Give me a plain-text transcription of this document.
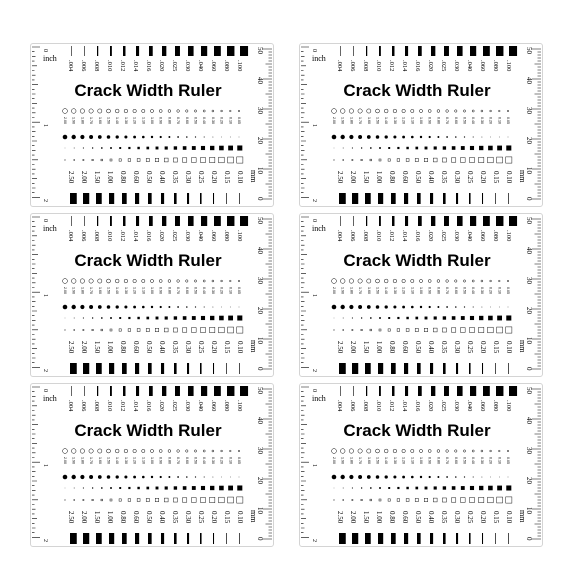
0
1
2
inch
50
40
30
20
10
0
mm
.004 .006 .008 .010 .012 .014 .016 .020 .025 .030 .040 .060 .080 .100
Crack Width Ruler
2.00 1.90 1.80 1.70 1.60 1.50 1.40 1.30 1.20 1.10 1.00 0.90 0.80 0.70 0.60 0.50 0.40 0.30 0.20 0.10 0.05
2.50 2.00 1.50 1.00 0.80 0.60 0.50 0.40 0.35 0.30 0.25 0.20 0.15 0.10
0
1
2
inch
50
40
30
20
10
0
mm
.004 .006 .008 .010 .012 .014 .016 .020 .025 .030 .040 .060 .080 .100
Crack Width Ruler
2.00 1.90 1.80 1.70 1.60 1.50 1.40 1.30 1.20 1.10 1.00 0.90 0.80 0.70 0.60 0.50 0.40 0.30 0.20 0.10 0.05
2.50 2.00 1.50 1.00 0.80 0.60 0.50 0.40 0.35 0.30 0.25 0.20 0.15 0.10
0
1
2
inch
50
40
30
20
10
0
mm
.004 .006 .008 .010 .012 .014 .016 .020 .025 .030 .040 .060 .080 .100
Crack Width Ruler
2.00 1.90 1.80 1.70 1.60 1.50 1.40 1.30 1.20 1.10 1.00 0.90 0.80 0.70 0.60 0.50 0.40 0.30 0.20 0.10 0.05
2.50 2.00 1.50 1.00 0.80 0.60 0.50 0.40 0.35 0.30 0.25 0.20 0.15 0.10
0
1
2
inch
50
40
30
20
10
0
mm
.004 .006 .008 .010 .012 .014 .016 .020 .025 .030 .040 .060 .080 .100
Crack Width Ruler
2.00 1.90 1.80 1.70 1.60 1.50 1.40 1.30 1.20 1.10 1.00 0.90 0.80 0.70 0.60 0.50 0.40 0.30 0.20 0.10 0.05
2.50 2.00 1.50 1.00 0.80 0.60 0.50 0.40 0.35 0.30 0.25 0.20 0.15 0.10
0
1
2
inch
50
40
30
20
10
0
mm
.004 .006 .008 .010 .012 .014 .016 .020 .025 .030 .040 .060 .080 .100
Crack Width Ruler
2.00 1.90 1.80 1.70 1.60 1.50 1.40 1.30 1.20 1.10 1.00 0.90 0.80 0.70 0.60 0.50 0.40 0.30 0.20 0.10 0.05
2.50 2.00 1.50 1.00 0.80 0.60 0.50 0.40 0.35 0.30 0.25 0.20 0.15 0.10
0
1
2
inch
50
40
30
20
10
0
mm
.004 .006 .008 .010 .012 .014 .016 .020 .025 .030 .040 .060 .080 .100
Crack Width Ruler
2.00 1.90 1.80 1.70 1.60 1.50 1.40 1.30 1.20 1.10 1.00 0.90 0.80 0.70 0.60 0.50 0.40 0.30 0.20 0.10 0.05
2.50 2.00 1.50 1.00 0.80 0.60 0.50 0.40 0.35 0.30 0.25 0.20 0.15 0.10
